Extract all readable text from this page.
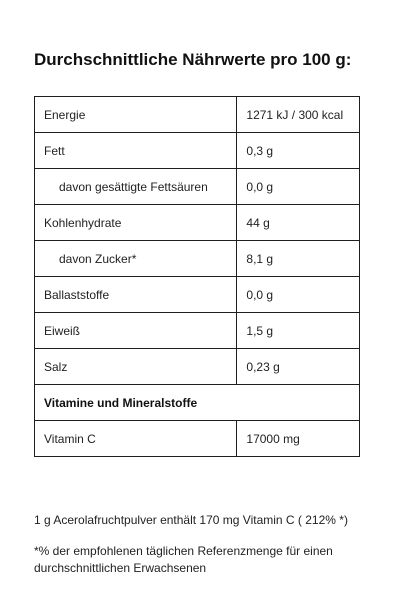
Durchschnittliche Nährwerte pro 100 g:
Energie	1271 kJ / 300 kcal
Fett	0,3 g
davon gesättigte Fettsäuren	0,0 g
Kohlenhydrate	44 g
davon Zucker*	8,1 g
Ballaststoffe	0,0 g
Eiweiß	1,5 g
Salz	0,23 g
Vitamine und Mineralstoffe	
Vitamin C	17000 mg
1 g Acerolafruchtpulver enthält 170 mg Vitamin C ( 212% *)
*% der empfohlenen täglichen Referenzmenge für einen durchschnittlichen Erwachsenen
